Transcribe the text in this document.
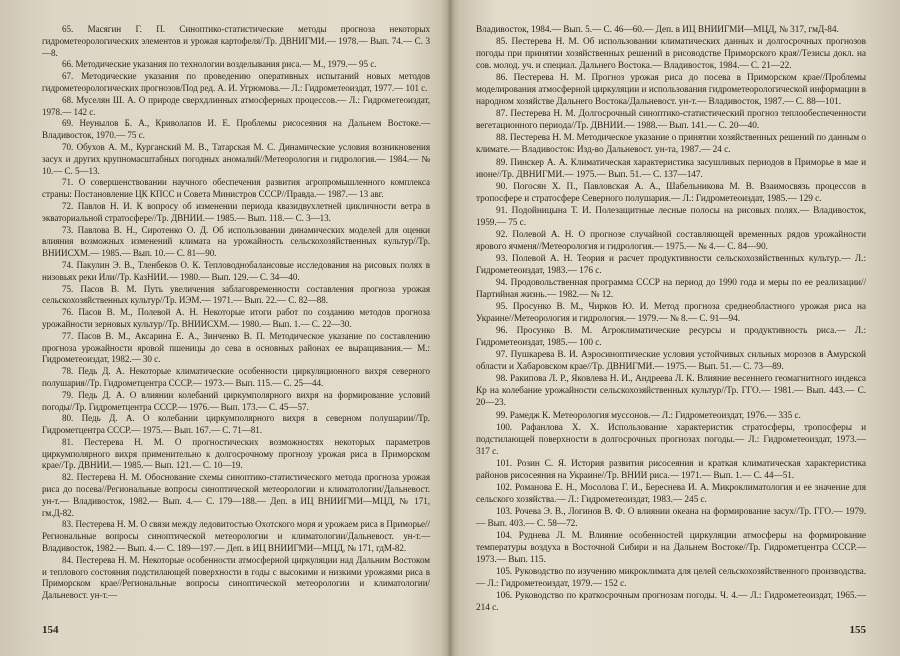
65. Масягин Г. П. Синоптико-статистические методы прогноза некоторых гидрометеорологических элементов и урожая картофеля//Тр. ДВНИГМИ.— 1978.— Вып. 74.— С. 3—8.

66. Методические указания по технологии возделывания риса.— М., 1979.— 95 с.

67. Методические указания по проведению оперативных испытаний новых методов гидрометеорологических прогнозов/Под ред. А. И. Угрюмова.— Л.: Гидрометеоиздат, 1977.— 101 с.

68. Муселян Ш. А. О природе сверхдлинных атмосферных процессов.— Л.: Гидрометеоиздат, 1978.— 142 с.

69. Неунылов Б. А., Криволапов И. Е. Проблемы рисосеяния на Дальнем Востоке.— Владивосток, 1970.— 75 с.

70. Обухов А. М., Курганский М. В., Татарская М. С. Динамические условия возникновения засух и других крупномасштабных погодных аномалий//Метеорология и гидрология.— 1984.— № 10.— С. 5—13.

71. О совершенствовании научного обеспечения развития агропромышленного комплекса страны: Постановление ЦК КПСС и Совета Министров СССР//Правда.— 1987.— 13 авг.

72. Павлов Н. И. К вопросу об изменении периода квазидвухлетней цикличности ветра в экваториальной стратосфере//Тр. ДВНИИ.— 1985.— Вып. 118.— С. 3—13.

73. Павлова В. Н., Сиротенко О. Д. Об использовании динамических моделей для оценки влияния возможных изменений климата на урожайность сельскохозяйственных культур//Тр. ВНИИСХМ.— 1985.— Вып. 10.— С. 81—90.

74. Пакулин Э. В., Тленбеков О. К. Тепловоднобалансовые исследования на рисовых полях в низовьях реки Или//Тр. КазНИИ.— 1980.— Вып. 129.— С. 34—40.

75. Пасов В. М. Путь увеличения заблаговременности составления прогноза урожая сельскохозяйственных культур//Тр. ИЭМ.— 1971.— Вып. 22.— С. 82—88.

76. Пасов В. М., Полевой А. Н. Некоторые итоги работ по созданию методов прогноза урожайности зерновых культур//Тр. ВНИИСХМ.— 1980.— Вып. 1.— С. 22—30.

77. Пасов В. М., Аксарина Е. А., Зинченко В. П. Методическое указание по составлению прогноза урожайности яровой пшеницы до сева в основных районах ее выращивания.— М.: Гидрометеоиздат, 1982.— 30 с.

78. Педь Д. А. Некоторые климатические особенности циркуляционного вихря северного полушария//Тр. Гидрометцентра СССР.— 1973.— Вып. 115.— С. 25—44.

79. Педь Д. А. О влиянии колебаний циркумполярного вихря на формирование условий погоды//Тр. Гидрометцентра СССР.— 1976.— Вып. 173.— С. 45—57.

80. Педь Д. А. О колебании циркумполярного вихря в северном полушарии//Тр. Гидрометцентра СССР.— 1975.— Вып. 167.— С. 71—81.

81. Пестерева Н. М. О прогностических возможностях некоторых параметров циркумполярного вихря применительно к долгосрочному прогнозу урожая риса в Приморском крае//Тр. ДВНИИ.— 1985.— Вып. 121.— С. 10—19.

82. Пестерева Н. М. Обоснование схемы синоптико-статистического метода прогноза урожая риса до посева//Региональные вопросы синоптической метеорологии и климатологии/Дальневост. ун-т.— Владивосток, 1982.— Вып. 4.— С. 179—188.— Деп. в ИЦ ВНИИГМИ—МЦД, № 171, гм.Д-82.

83. Пестерева Н. М. О связи между ледовитостью Охотского моря и урожаем риса в Приморье//Региональные вопросы синоптической метеорологии и климатологии/Дальневост. ун-т.— Владивосток, 1982.— Вып. 4.— С. 189—197.— Деп. в ИЦ ВНИИГМИ—МЦД, № 171, гдМ-82.

84. Пестерева Н. М. Некоторые особенности атмосферной циркуляции над Дальним Востоком и теплового состояния подстилающей поверхности в годы с высокими и низкими урожаями риса в Приморском крае//Региональные вопросы синоптической метеорологии и климатологии/Дальневост. ун-т.—

154

Владивосток, 1984.— Вып. 5.— С. 46—60.— Деп. в ИЦ ВНИИГМИ—МЦД, № 317, гмД-84.

85. Пестерева Н. М. Об использовании климатических данных и долгосрочных прогнозов погоды при принятии хозяйственных решений в рисоводстве Приморского края//Тезисы докл. на сов. молод. уч. и специал. Дальнего Востока.— Владивосток, 1984.— С. 21—22.

86. Пестерева Н. М. Прогноз урожая риса до посева в Приморском крае//Проблемы моделирования атмосферной циркуляции и использования гидрометеорологической информации в народном хозяйстве Дальнего Востока/Дальневост. ун-т.— Владивосток, 1987.— С. 88—101.

87. Пестерева Н. М. Долгосрочный синоптико-статистический прогноз теплообеспеченности вегетационного периода//Тр. ДВНИИ.— 1988.— Вып. 141.— С. 20—40.

88. Пестерева Н. М. Методическое указание о принятии хозяйственных решений по данным о климате.— Владивосток: Изд-во Дальневост. ун-та, 1987.— 24 с.

89. Пинскер А. А. Климатическая характеристика засушливых периодов в Приморье в мае и июне//Тр. ДВНИГМИ.— 1975.— Вып. 51.— С. 137—147.

90. Погосян Х. П., Павловская А. А., Шабельникова М. В. Взаимосвязь процессов в тропосфере и стратосфере Северного полушария.— Л.: Гидрометеоиздат, 1985.— 129 с.

91. Подойницына Т. И. Полезащитные лесные полосы на рисовых полях.— Владивосток, 1959.— 75 с.

92. Полевой А. Н. О прогнозе случайной составляющей временных рядов урожайности ярового ячменя//Метеорология и гидрология.— 1975.— № 4.— С. 84—90.

93. Полевой А. Н. Теория и расчет продуктивности сельскохозяйственных культур.— Л.: Гидрометеоиздат, 1983.— 176 с.

94. Продовольственная программа СССР на период до 1990 года и меры по ее реализации//Партийная жизнь.— 1982.— № 12.

95. Просунко В. М., Чирков Ю. И. Метод прогноза среднеобластного урожая риса на Украине//Метеорология и гидрология.— 1979.— № 8.— С. 91—94.

96. Просунко В. М. Агроклиматические ресурсы и продуктивность риса.— Л.: Гидрометеоиздат, 1985.— 100 с.

97. Пушкарева В. И. Аэросиноптические условия устойчивых сильных морозов в Амурской области и Хабаровском крае//Тр. ДВНИГМИ.— 1975.— Вып. 51.— С. 73—89.

98. Ракипова Л. Р., Яковлева Н. И., Андреева Л. К. Влияние весеннего геомагнитного индекса Кр на колебание урожайности сельскохозяйственных культур//Тр. ГГО.— 1981.— Вып. 443.— С. 20—23.

99. Рамедж К. Метеорология муссонов.— Л.: Гидрометеоиздат, 1976.— 335 с.

100. Рафанлова Х. Х. Использование характеристик стратосферы, тропосферы и подстилающей поверхности в долгосрочных прогнозах погоды.— Л.: Гидрометеоиздат, 1973.— 317 с.

101. Розин С. Я. История развития рисосеяния и краткая климатическая характеристика районов рисосеяния на Украине//Тр. ВНИИ риса.— 1971.— Вып. 1.— С. 44—51.

102. Романова Е. Н., Мосолова Г. И., Береснева И. А. Микроклиматология и ее значение для сельского хозяйства.— Л.: Гидрометеоиздат, 1983.— 245 с.

103. Рочева Э. В., Логинов В. Ф. О влиянии океана на формирование засух//Тр. ГГО.— 1979.— Вып. 403.— С. 58—72.

104. Руднева Л. М. Влияние особенностей циркуляции атмосферы на формирование температуры воздуха в Восточной Сибири и на Дальнем Востоке//Тр. Гидрометцентра СССР.— 1973.— Вып. 115.

105. Руководство по изучению микроклимата для целей сельскохозяйственного производства.— Л.: Гидрометеоиздат, 1979.— 152 с.

106. Руководство по краткосрочным прогнозам погоды. Ч. 4.— Л.: Гидрометеоиздат, 1965.— 214 с.

155
